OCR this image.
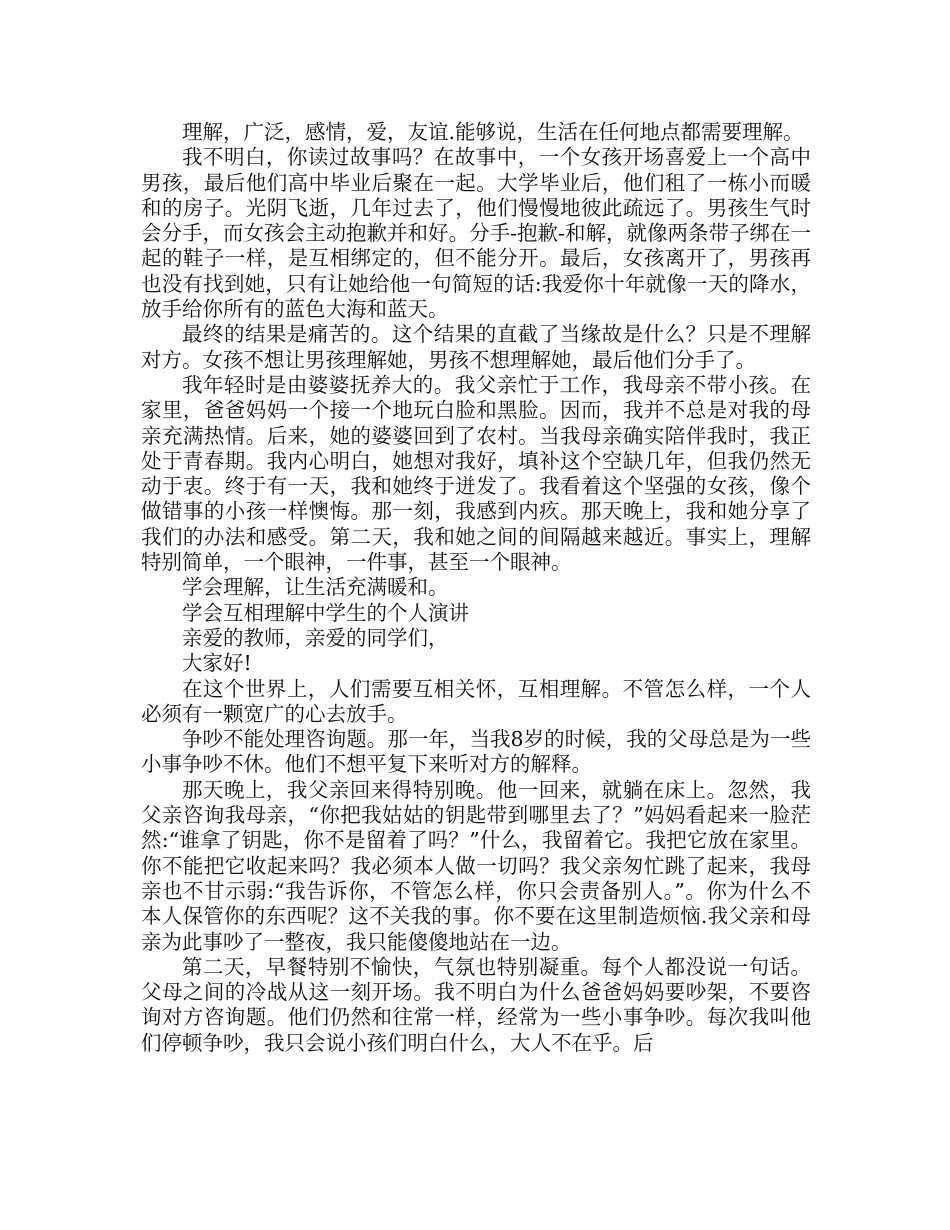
理解，广泛，感情，爱，友谊.能够说，生活在任何地点都需要理解。

我不明白，你读过故事吗？在故事中，一个女孩开场喜爱上一个高中男孩，最后他们高中毕业后聚在一起。大学毕业后，他们租了一栋小而暖和的房子。光阴飞逝，几年过去了，他们慢慢地彼此疏远了。男孩生气时会分手，而女孩会主动抱歉并和好。分手-抱歉-和解，就像两条带子绑在一起的鞋子一样，是互相绑定的，但不能分开。最后，女孩离开了，男孩再也没有找到她，只有让她给他一句简短的话:我爱你十年就像一天的降水，放手给你所有的蓝色大海和蓝天。

最终的结果是痛苦的。这个结果的直截了当缘故是什么？只是不理解对方。女孩不想让男孩理解她，男孩不想理解她，最后他们分手了。

我年轻时是由婆婆抚养大的。我父亲忙于工作，我母亲不带小孩。在家里，爸爸妈妈一个接一个地玩白脸和黑脸。因而，我并不总是对我的母亲充满热情。后来，她的婆婆回到了农村。当我母亲确实陪伴我时，我正处于青春期。我内心明白，她想对我好，填补这个空缺几年，但我仍然无动于衷。终于有一天，我和她终于迸发了。我看着这个坚强的女孩，像个做错事的小孩一样懊悔。那一刻，我感到内疚。那天晚上，我和她分享了我们的办法和感受。第二天，我和她之间的间隔越来越近。事实上，理解特别简单，一个眼神，一件事，甚至一个眼神。

学会理解，让生活充满暖和。

学会互相理解中学生的个人演讲

亲爱的教师，亲爱的同学们，

大家好!

在这个世界上，人们需要互相关怀，互相理解。不管怎么样，一个人必须有一颗宽广的心去放手。

争吵不能处理咨询题。那一年，当我8岁的时候，我的父母总是为一些小事争吵不休。他们不想平复下来听对方的解释。

那天晚上，我父亲回来得特别晚。他一回来，就躺在床上。忽然，我父亲咨询我母亲，“你把我姑姑的钥匙带到哪里去了？”妈妈看起来一脸茫然:“谁拿了钥匙，你不是留着了吗？”什么，我留着它。我把它放在家里。你不能把它收起来吗？我必须本人做一切吗？我父亲匆忙跳了起来，我母亲也不甘示弱:“我告诉你，不管怎么样，你只会责备别人。”。你为什么不本人保管你的东西呢？这不关我的事。你不要在这里制造烦恼.我父亲和母亲为此事吵了一整夜，我只能傻傻地站在一边。

第二天，早餐特别不愉快，气氛也特别凝重。每个人都没说一句话。父母之间的冷战从这一刻开场。我不明白为什么爸爸妈妈要吵架，不要咨询对方咨询题。他们仍然和往常一样，经常为一些小事争吵。每次我叫他们停顿争吵，我只会说小孩们明白什么，大人不在乎。后
